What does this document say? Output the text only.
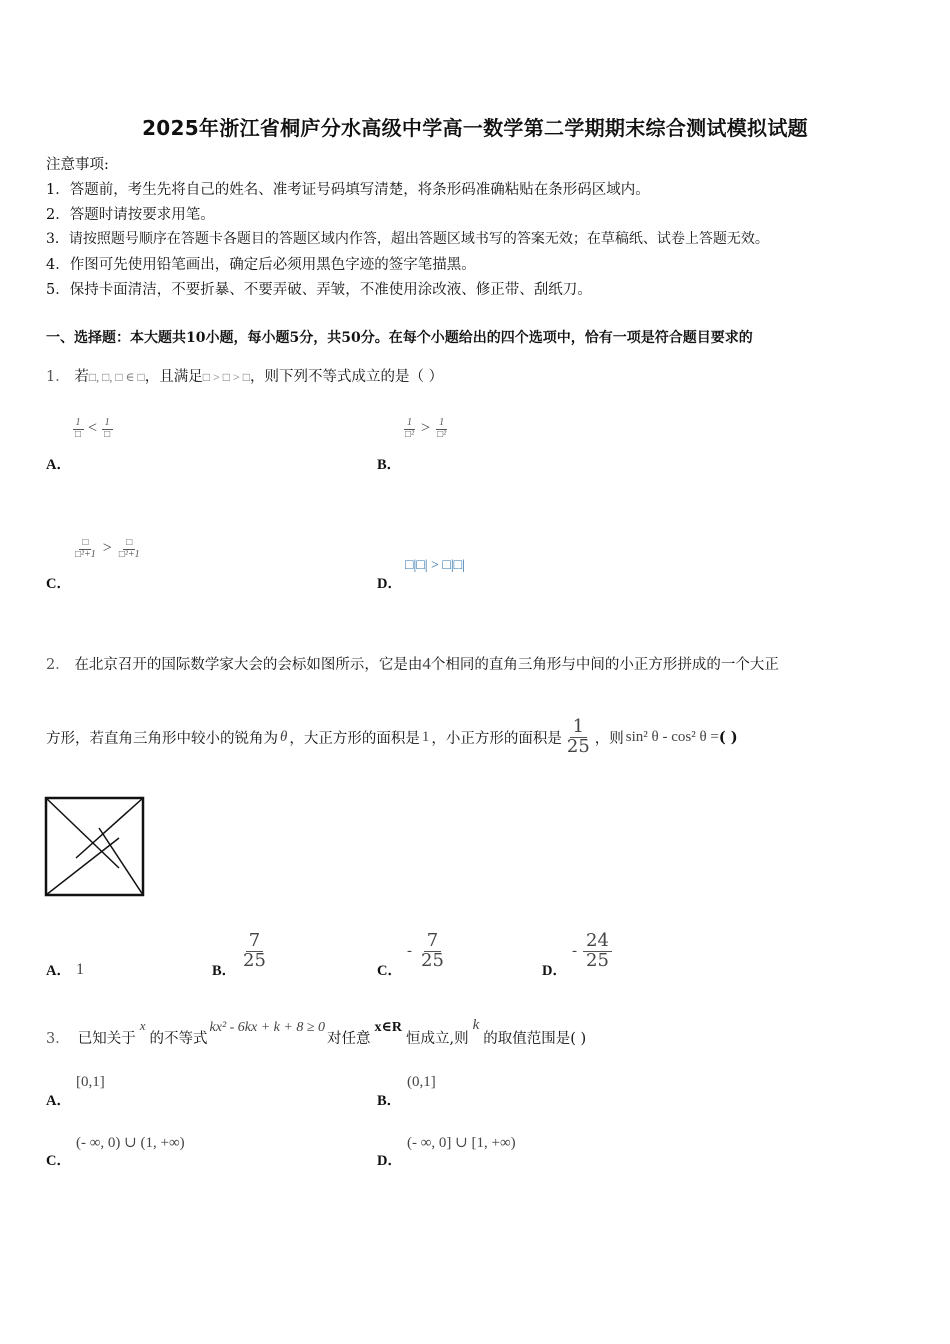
2025年浙江省桐庐分水高级中学高一数学第二学期期末综合测试模拟试题
注意事项:
1．答题前，考生先将自己的姓名、准考证号码填写清楚，将条形码准确粘贴在条形码区域内。
2．答题时请按要求用笔。
3．请按照题号顺序在答题卡各题目的答题区域内作答，超出答题区域书写的答案无效；在草稿纸、试卷上答题无效。
4．作图可先使用铅笔画出，确定后必须用黑色字迹的签字笔描黑。
5．保持卡面清洁，不要折暴、不要弄破、弄皱，不准使用涂改液、修正带、刮纸刀。
一、选择题：本大题共10小题，每小题5分，共50分。在每个小题给出的四个选项中，恰有一项是符合题目要求的
1． 若□, □, □ ∈ □，且满足□ > □ > □，则下列不等式成立的是（ ）
$\frac{1}{□} < \frac{1}{□}$
A．
$\frac{1}{\text{□²}} > \frac{1}{\text{□²}}$
B．
$\frac{□}{\text{□²+1}} > \frac{□}{\text{□²+1}}$
C．
□|□| > □|□|
D．
2． 在北京召开的国际数学家大会的会标如图所示，它是由4个相同的直角三角形与中间的小正方形拼成的一个大正
方形，若直角三角形中较小的锐角为 θ ，大正方形的面积是 1 ，小正方形的面积是 $\frac{1}{25}$ ，则 sin² θ - cos² θ = ( )
A． 1	B．
$\frac{7}{25}$
C．
- $\frac{7}{25}$
D．
- $\frac{24}{25}$
3． 已知关于
x
的不等式
kx² - 6kx + k + 8 ≥ 0
对任意
x∈R
恒成立,则
k
的取值范围是( )
[0,1]
A．
(0,1]
B．
(- ∞, 0) ∪ (1, +∞)
C．
(- ∞, 0] ∪ [1, +∞)
D．
